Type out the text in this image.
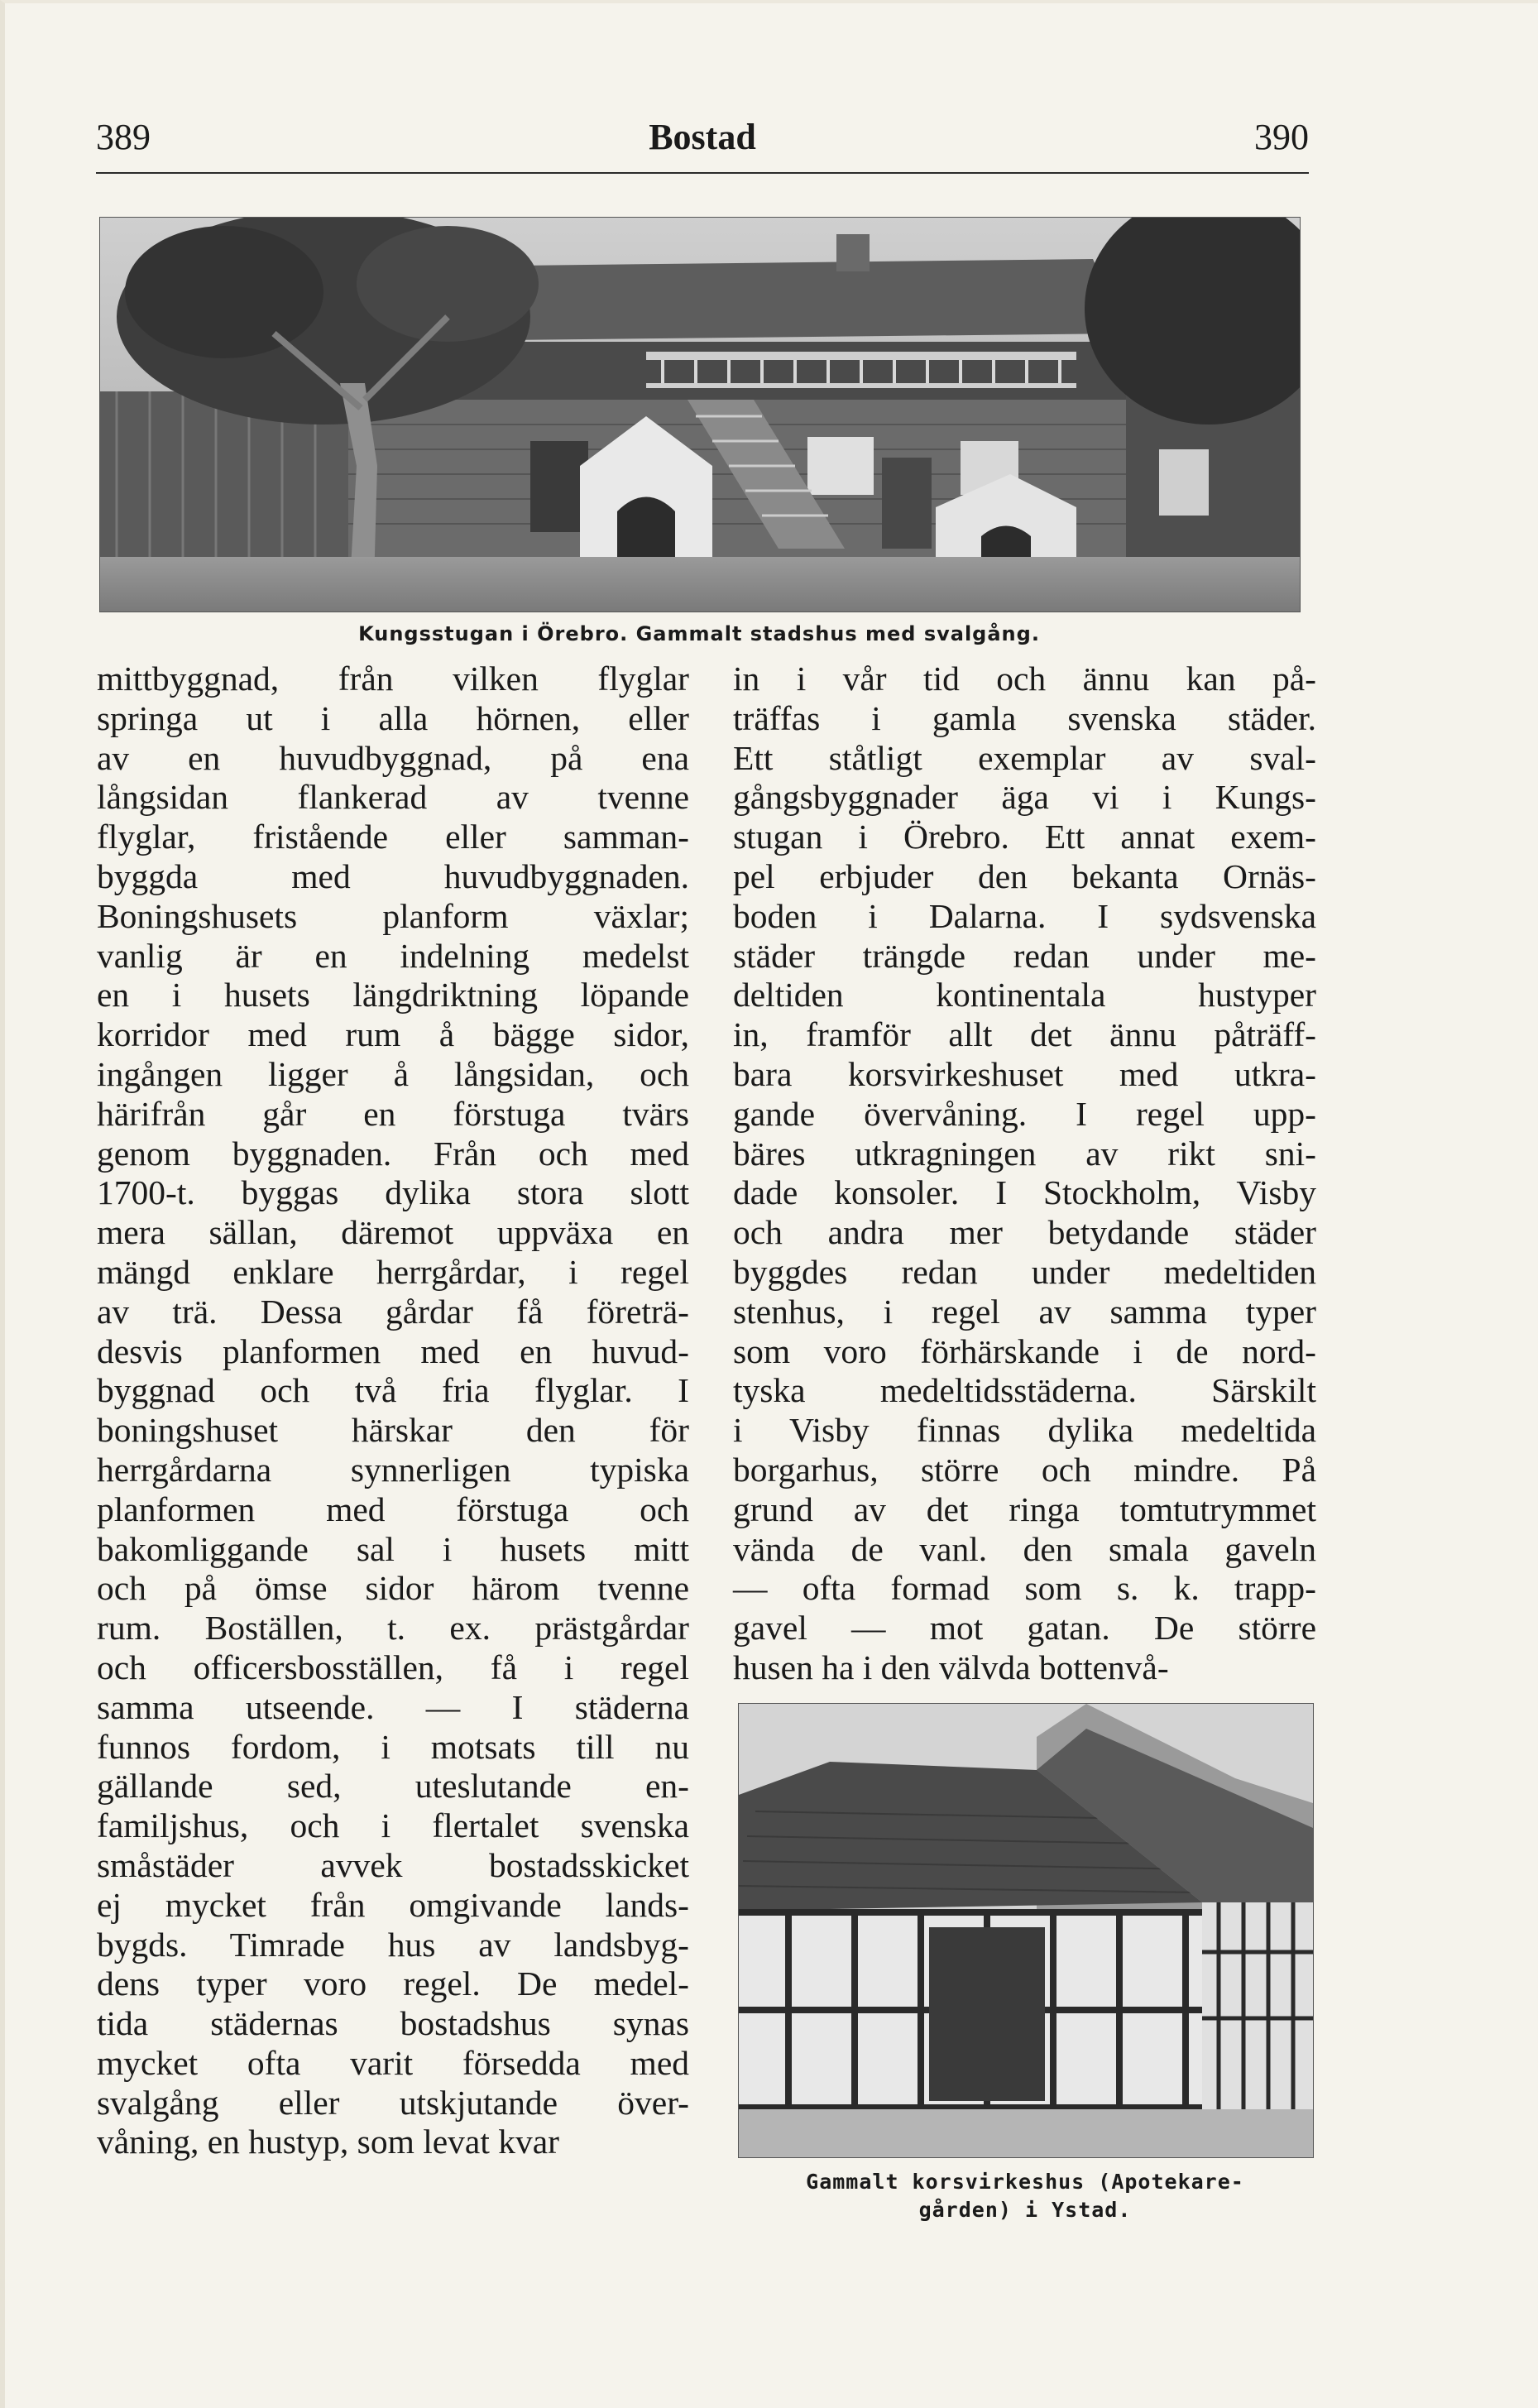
389	Bostad	390
Kungsstugan i Örebro. Gammalt stadshus med svalgång.
mittbyggnad, från vilken flyglar
springa ut i alla hörnen, eller
av en huvudbyggnad, på ena
långsidan flankerad av tvenne
flyglar, fristående eller samman-
byggda med huvudbyggnaden.
Boningshusets planform växlar;
vanlig är en indelning medelst
en i husets längdriktning löpande
korridor med rum å bägge sidor,
ingången ligger å långsidan, och
härifrån går en förstuga tvärs
genom byggnaden. Från och med
1700-t. byggas dylika stora slott
mera sällan, däremot uppväxa en
mängd enklare herrgårdar, i regel
av trä. Dessa gårdar få företrä-
desvis planformen med en huvud-
byggnad och två fria flyglar. I
boningshuset härskar den för
herrgårdarna synnerligen typiska
planformen med förstuga och
bakomliggande sal i husets mitt
och på ömse sidor härom tvenne
rum. Boställen, t. ex. prästgårdar
och officersbosställen, få i regel
samma utseende. — I städerna
funnos fordom, i motsats till nu
gällande sed, uteslutande en-
familjshus, och i flertalet svenska
småstäder avvek bostadsskicket
ej mycket från omgivande lands-
bygds. Timrade hus av landsbyg-
dens typer voro regel. De medel-
tida städernas bostadshus synas
mycket ofta varit försedda med
svalgång eller utskjutande över-
våning, en hustyp, som levat kvar
in i vår tid och ännu kan på-
träffas i gamla svenska städer.
Ett ståtligt exemplar av sval-
gångsbyggnader äga vi i Kungs-
stugan i Örebro. Ett annat exem-
pel erbjuder den bekanta Ornäs-
boden i Dalarna. I sydsvenska
städer trängde redan under me-
deltiden kontinentala hustyper
in, framför allt det ännu påträff-
bara korsvirkeshuset med utkra-
gande övervåning. I regel upp-
bäres utkragningen av rikt sni-
dade konsoler. I Stockholm, Visby
och andra mer betydande städer
byggdes redan under medeltiden
stenhus, i regel av samma typer
som voro förhärskande i de nord-
tyska medeltidsstäderna. Särskilt
i Visby finnas dylika medeltida
borgarhus, större och mindre. På
grund av det ringa tomtutrymmet
vända de vanl. den smala gaveln
— ofta formad som s. k. trapp-
gavel — mot gatan. De större
husen ha i den välvda bottenvå-
Gammalt korsvirkeshus (Apotekare-
gården) i Ystad.
